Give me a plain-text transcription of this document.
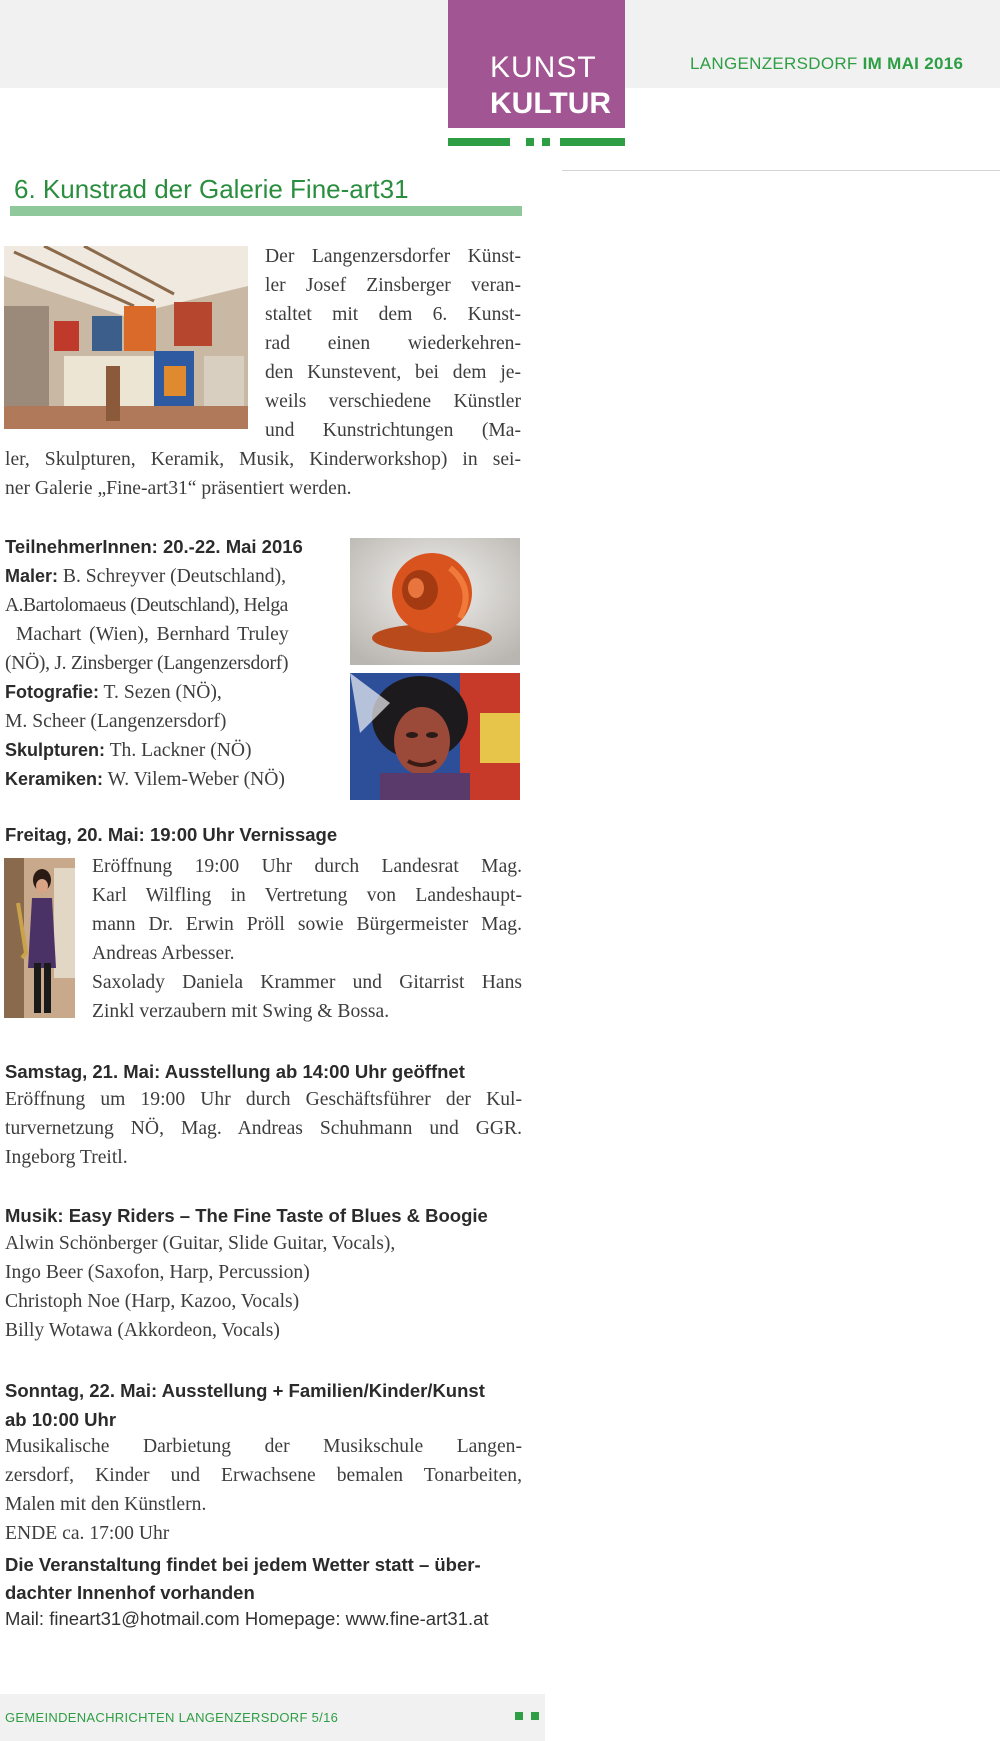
KUNST
KULTUR
LANGENZERSDORF IM MAI 2016
6. Kunstrad der Galerie Fine-art31
Der Langenzersdorfer Künst-
ler Josef Zinsberger veran-
staltet mit dem 6. Kunst-
rad einen wiederkehren-
den Kunstevent, bei dem je-
weils verschiedene Künstler
und Kunstrichtungen (Ma-
ler, Skulpturen, Keramik, Musik, Kinderworkshop) in sei-
ner Galerie „Fine-art31“ präsentiert werden.
TeilnehmerInnen: 20.-22. Mai 2016
Maler: B. Schreyver (Deutschland),
A.Bartolomaeus (Deutschland), Helga
Machart (Wien), Bernhard Truley
(NÖ), J. Zinsberger (Langenzersdorf)
Fotografie: T. Sezen (NÖ),
M. Scheer (Langenzersdorf)
Skulpturen: Th. Lackner (NÖ)
Keramiken: W. Vilem-Weber (NÖ)
Freitag, 20. Mai: 19:00 Uhr Vernissage
Eröffnung 19:00 Uhr durch Landesrat Mag.
Karl Wilfling in Vertretung von Landeshaupt-
mann Dr. Erwin Pröll sowie Bürgermeister Mag.
Andreas Arbesser.
Saxolady Daniela Krammer und Gitarrist Hans
Zinkl verzaubern mit Swing & Bossa.
Samstag, 21. Mai: Ausstellung ab 14:00 Uhr geöffnet
Eröffnung um 19:00 Uhr durch Geschäftsführer der Kul-
turvernetzung NÖ, Mag. Andreas Schuhmann und GGR.
Ingeborg Treitl.
Musik: Easy Riders – The Fine Taste of Blues & Boogie
Alwin Schönberger (Guitar, Slide Guitar, Vocals),
Ingo Beer (Saxofon, Harp, Percussion)
Christoph Noe (Harp, Kazoo, Vocals)
Billy Wotawa (Akkordeon, Vocals)
Sonntag, 22. Mai: Ausstellung + Familien/Kinder/Kunst
ab 10:00 Uhr
Musikalische Darbietung der Musikschule Langen-
zersdorf, Kinder und Erwachsene bemalen Tonarbeiten,
Malen mit den Künstlern.
ENDE ca. 17:00 Uhr
Die Veranstaltung findet bei jedem Wetter statt – über-
dachter Innenhof vorhanden
Mail: fineart31@hotmail.com Homepage: www.fine-art31.at
GEMEINDENACHRICHTEN LANGENZERSDORF 5/16
